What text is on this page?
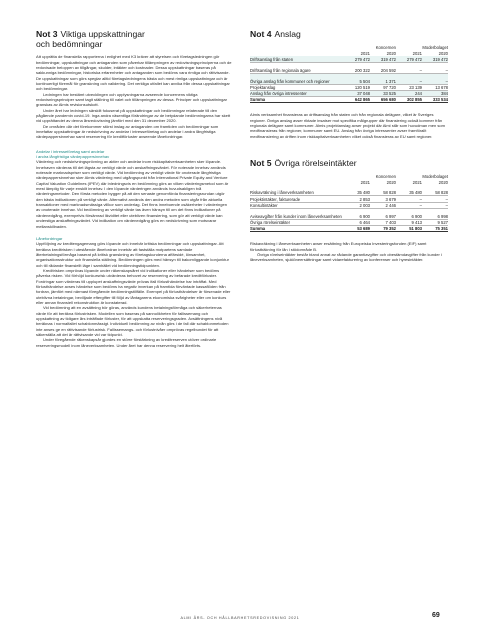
Not 3 Viktiga uppskattningar
och bedömningar

Att upprätta de finansiella rapporterna i enlighet med K3 kräver att styrelsen och företagsledningen gör bedömningar, uppskattningar och antaganden som påverkar tillämpningen av redovisningsprinciperna och de redovisade beloppen av tillgångar, skulder, intäkter och kostnader. Dessa uppskattningar baseras på sakkunniga bedömningar, historiska erfarenheter och antaganden som bedöms vara rimliga och rättvisande. De uppskattningar som görs speglar alltid företagsledningens bästa och mest rimliga uppskattningar och är kontinuerligt föremål för granskning och validering. Det verkliga utfallet kan avvika från dessa uppskattningar och bedömningar.

Ledningen har bestämt utvecklingen och upplysningarna avseende koncernens viktiga redovisningsprinciper samt tagit ställning till valet och tillämpningen av dessa. Principer och uppskattningar granskas av Almis revisionsutskott.

Under året har ledningen särskilt fokuserat på uppskattningar och bedömningar relaterade till den pågående pandemin covid-19. Inga andra väsentliga förändringar av de betydande bedömningarna har skett vid upprättandet av denna årsredovisning jämfört med den 31 december 2020.

De områden där det förekommer störst inslag av antaganden om framtiden och bedömningar som innefattar uppskattningar är nedskrivning av andelar i intresseföretag och andelar i andra långfristiga värdepappersinnehav samt reservering för kreditförluster avseende lånefordringar.

Andelar i intresseföretag samt andelar
i andra långfristiga värdepappersinnehav

Värdering och nedskrivningsprövning av aktier och andelar inom riskkapitalverksamheten sker löpande. Innehaven värderas till det lägsta av verkligt värde och anskaffningsvärdet. För noterade innehav används noterade marknadspriser som verkligt värde. Vid bedömning av verkligt värde för onoterade långfristiga värdepappersinnehav sker Almis värdering med utgångspunkt från International Private Equity and Venture Capital Valuation Guidelines (IPEV) där inledningsvis en bedömning görs av vilken värderingsmetod som är mest lämplig för varje enskilt innehav. I den löpande värderingen används huvudsakligen två värderingsmetoder. Den första metoden bygger på att den senaste genomförda finansieringsrundan utgör den bästa indikationen på verkligt värde. Alternativt används den andra metoden som utgår från aktuella transaktioner med marknadsmässiga villkor som underlag. Det finns inneboende osäkerheter i värderingen av onoterade innehav. Vid bedömning av verkligt värde tas även hänsyn till om det finns indikationer på värdenedgång, exempelvis försämrad likviditet eller utebliven finansiering, som gör att verkligt värde kan understiga anskaffningsvärdet. Vid indikation om värdenedgång görs en nedskrivning som motsvarar mellanskillnaden.

Lånefordringar

Uppföljning av kreditengagemang görs löpande och innebär kritiska bedömningar och uppskattningar. Att beräkna kreditrisken i utestående lånefordran innebär att fastställa motpartens samlade återbetalningsförmåga baserat på kritisk granskning av företagskunderna affärsidé, lönsamhet, organisationsstruktur och finansiella ställning. Bedömningen görs med hänsyn till bakomliggande konjunktur och till rådande finansiellt läge i samhället vid bedömningstidpunkten.

Kreditrisken omprövas löpande under räkenskapsåret vid indikationer eller händelser som bedöms påverka risken. Vid förhöjd konkursrisk utvärderas behovet av reservering av befarade kreditförluster. Fordringar som värderas till upplupet anskaffningsvärde prövas ifall förlusthändelse har inträffat. Med förlusthändelse avses händelse som bedöms ha negativ inverkan på framtida förväntade kassaflöden från fordran, jämfört med närmast föregående bedömningstillfälle. Exempel på förlusthändelser är försenade eller uteblivna betalningar, bevilljade eftergifter till följd av låntagarens ekonomiska svårigheter eller om konkurs eller annan finansiell rekonstruktion är konstaterad.

Vid bedömning att en avsättning bör göras, används kundens betalningsförmåga och säkerheternas värde för att beräkna förlustrisken. Modellen som baseras på sannolikheten för fallissemang och uppskattning av tidigare års inträffade förluster, för att uppskatta reserveringsgraden. Avsättningens nivå beräknas i normalfallet schablonmässigt. Individuell bedömning av nivån görs i de fall där schablonmetoden inte anses ge en rättvisande förlustrisk. Fallissemangs- och förlustnivåer omprövas regelbundet för att säkerställa att det är rättvisande vid var tidpunkt.

Under föregående räkenskapsår gjordes en större förstärkning av kreditreserven utöver ordinarie reserveringsmodell inom låneverksamheten. Under året har denna reservering helt återförts.

Not 4 Anslag
	Koncernen		Moderbolaget	
	2021	2020	2021	2020
Driftsanslag från staten	279 472	319 472	279 472	319 472
Driftsanslag från regionala ägare	200 322	204 592	–	–
Övriga anslag från kommuner och regioner	5 504	1 371	–	–
Projektanslag	120 519	97 720	23 139	13 678
Anslag från övriga intressenter	37 048	33 525	244	384
Summa	642 865	656 680	302 855	333 534

Almis verksamhet finansieras av driftsanslag från staten och från regionala delägare, vilket är Sveriges regioner. Övriga anslag avser riktade insatser mot specifika målgrupper där finansiering också kommer från regionala delägare samt kommuner. Almis projektanslag avser projekt där Almi står som huvudman men som medfinansieras från regioner, kommuner samt EU. Anslag från övriga intressenter avser framförallt medfinansiering av driften inom riskkapitalverksamheten vilket också finansieras av EU samt regioner.

Not 5 Övriga rörelseintäkter
	Koncernen		Moderbolaget	
	2021	2020	2021	2020
Riskavräkning i låneverksamheten	35 480	58 828	35 480	58 828
Projektintäkter, fakturerade	2 853	3 679	–	–
Konsultintäkter	2 003	2 446	–	–
Aviseavgifter från kunder inom låneverksamheten	6 900	6 997	6 900	6 998
Övriga rörelseintäkter	6 464	7 403	9 413	9 527
Summa	53 689	79 352	51 803	75 351

Riskavräkning i låneverksamheten avser ersättning från Europeiska Investeringsfonden (EIF) samt förlustbäkning för lån i stödområde B.

Övriga rörelseintäkter består bland annat av rådande garantiavgifter och obestämdavgifter från kunder i låneverksamheten, sjuklöneersättningar samt vidarefakturering av konferenser och hyresintäkter.

ALMI ÅRS- OCH HÅLLBARHETSREDOVISNING 2021	69
